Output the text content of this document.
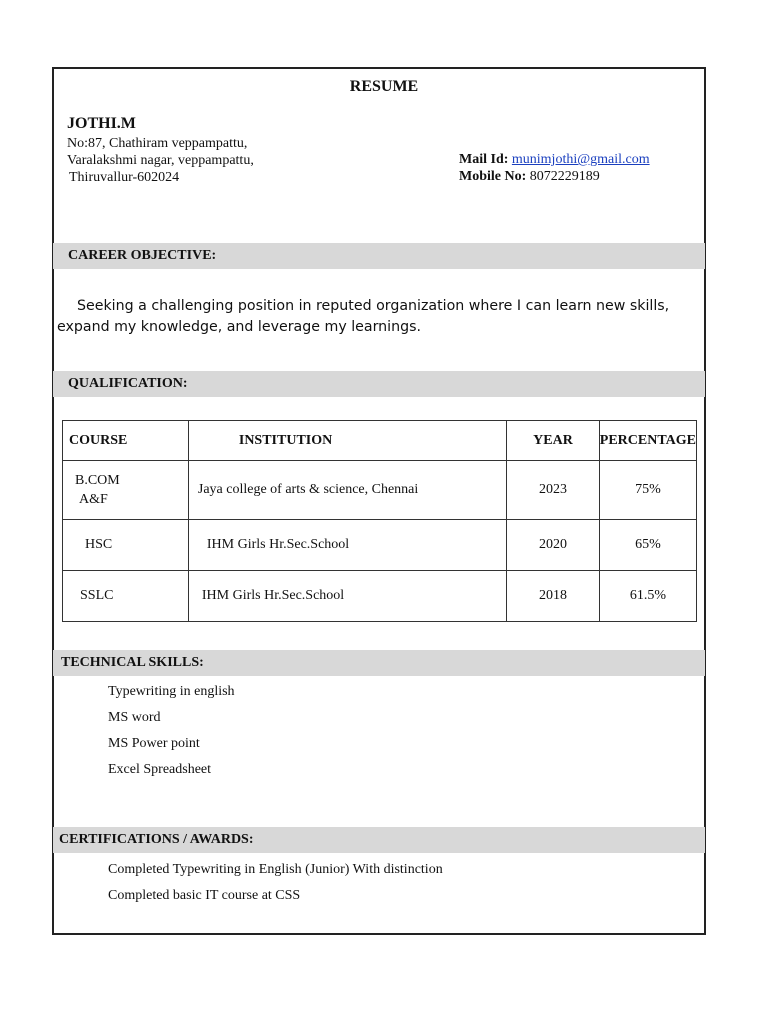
RESUME
JOTHI.M
No:87, Chathiram veppampattu,
Varalakshmi nagar, veppampattu,
Thiruvallur-602024
Mail Id: munimjothi@gmail.com
Mobile No: 8072229189
CAREER OBJECTIVE:
Seeking a challenging position in reputed organization where I can learn new skills, expand my knowledge, and leverage my learnings.
QUALIFICATION:
COURSE	INSTITUTION	YEAR	PERCENTAGE

B.COM
A&F	Jaya college of arts & science, Chennai	2023	75%
HSC	IHM Girls Hr.Sec.School	2020	65%
SSLC	IHM Girls Hr.Sec.School	2018	61.5%
TECHNICAL SKILLS:
Typewriting in english
MS word
MS Power point
Excel Spreadsheet
CERTIFICATIONS / AWARDS:
Completed Typewriting in English (Junior) With distinction
Completed basic IT course at CSS
